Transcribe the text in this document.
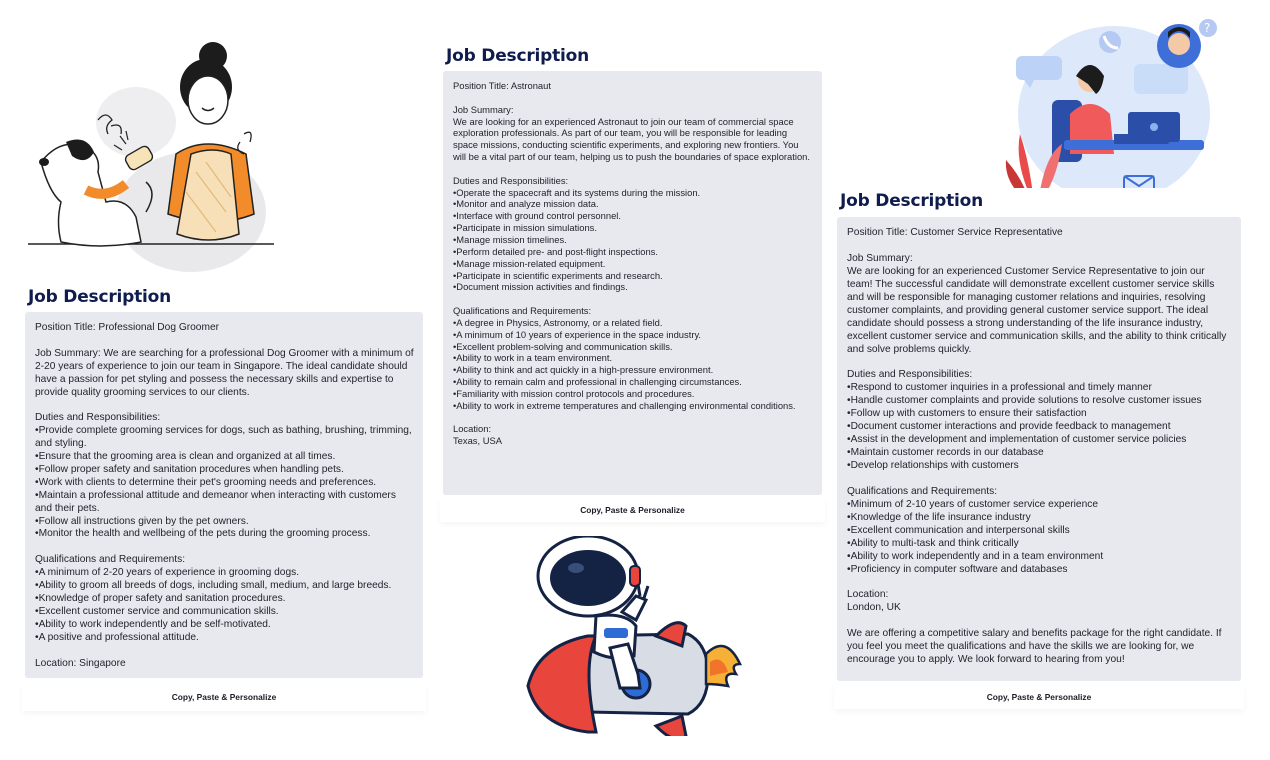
?
Job Description

Position Title: Professional Dog Groomer

Job Summary: We are searching for a professional Dog Groomer with a minimum of 2-20 years of experience to join our team in Singapore. The ideal candidate should have a passion for pet styling and possess the necessary skills and expertise to provide quality grooming services to our clients.

Duties and Responsibilities:
• Provide complete grooming services for dogs, such as bathing, brushing, trimming, and styling.
• Ensure that the grooming area is clean and organized at all times.
• Follow proper safety and sanitation procedures when handling pets.
• Work with clients to determine their pet's grooming needs and preferences.
• Maintain a professional attitude and demeanor when interacting with customers and their pets.
• Follow all instructions given by the pet owners.
• Monitor the health and wellbeing of the pets during the grooming process.
Qualifications and Requirements:
• A minimum of 2-20 years of experience in grooming dogs.
• Ability to groom all breeds of dogs, including small, medium, and large breeds.
• Knowledge of proper safety and sanitation procedures.
• Excellent customer service and communication skills.
• Ability to work independently and be self-motivated.
• A positive and professional attitude.

Location: Singapore

Copy, Paste & Personalize
Job Description

Position Title: Astronaut

Job Summary:
We are looking for an experienced Astronaut to join our team of commercial space exploration professionals. As part of our team, you will be responsible for leading space missions, conducting scientific experiments, and exploring new frontiers. You will be a vital part of our team, helping us to push the boundaries of space exploration.
Duties and Responsibilities:
• Operate the spacecraft and its systems during the mission.
• Monitor and analyze mission data.
• Interface with ground control personnel.
• Participate in mission simulations.
• Manage mission timelines.
• Perform detailed pre- and post-flight inspections.
• Manage mission-related equipment.
• Participate in scientific experiments and research.
• Document mission activities and findings.
Qualifications and Requirements:
• A degree in Physics, Astronomy, or a related field.
• A minimum of 10 years of experience in the space industry.
• Excellent problem-solving and communication skills.
• Ability to work in a team environment.
• Ability to think and act quickly in a high-pressure environment.
• Ability to remain calm and professional in challenging circumstances.
• Familiarity with mission control protocols and procedures.
• Ability to work in extreme temperatures and challenging environmental conditions.
Location:
Texas, USA
Copy, Paste & Personalize
Job Description

Position Title: Customer Service Representative

Job Summary:
We are looking for an experienced Customer Service Representative to join our team! The successful candidate will demonstrate excellent customer service skills and will be responsible for managing customer relations and inquiries, resolving customer complaints, and providing general customer service support. The ideal candidate should possess a strong understanding of the life insurance industry, excellent customer service and communication skills, and the ability to think critically and solve problems quickly.
Duties and Responsibilities:
• Respond to customer inquiries in a professional and timely manner
• Handle customer complaints and provide solutions to resolve customer issues
• Follow up with customers to ensure their satisfaction
• Document customer interactions and provide feedback to management
• Assist in the development and implementation of customer service policies
• Maintain customer records in our database
• Develop relationships with customers
Qualifications and Requirements:
• Minimum of 2-10 years of customer service experience
• Knowledge of the life insurance industry
• Excellent communication and interpersonal skills
• Ability to multi-task and think critically
• Ability to work independently and in a team environment
• Proficiency in computer software and databases
Location:
London, UK

We are offering a competitive salary and benefits package for the right candidate. If you feel you meet the qualifications and have the skills we are looking for, we encourage you to apply. We look forward to hearing from you!

Copy, Paste & Personalize
